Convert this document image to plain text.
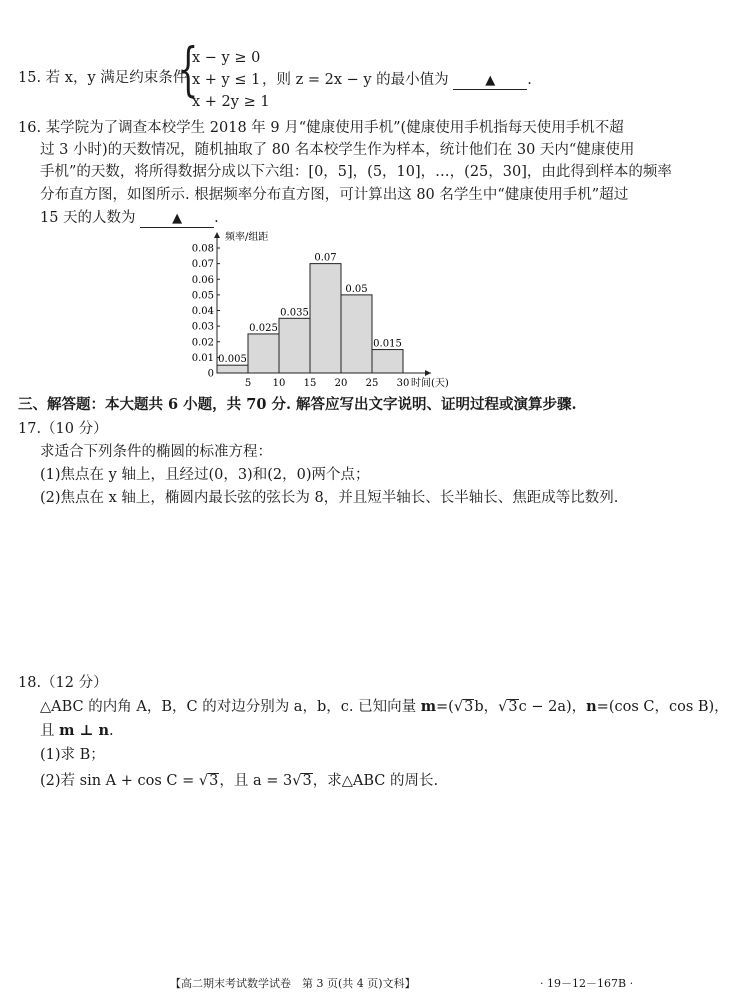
15. 若 x，y 满足约束条件
{
x − y ≥ 0
x + y ≤ 1
x + 2y ≥ 1
，则 z = 2x − y 的最小值为	▲ .
16. 某学院为了调查本校学生 2018 年 9 月“健康使用手机”(健康使用手机指每天使用手机不超
过 3 小时)的天数情况，随机抽取了 80 名本校学生作为样本，统计他们在 30 天内“健康使用
手机”的天数，将所得数据分成以下六组：[0，5]，(5，10]，…，(25，30]，由此得到样本的频率
分布直方图，如图所示. 根据频率分布直方图，可计算出这 80 名学生中“健康使用手机”超过
15 天的人数为	▲ .
0
0.01
0.02
0.03
0.04
0.05
0.06
0.07
0.08
0.005
0.025
0.035
0.07
0.05
0.015
5 10 15 20 25 30
频率/组距
时间(天)
三、解答题：本大题共 6 小题，共 70 分. 解答应写出文字说明、证明过程或演算步骤.
17.（10 分）
求适合下列条件的椭圆的标准方程：
(1)焦点在 y 轴上，且经过(0，3)和(2，0)两个点；
(2)焦点在 x 轴上，椭圆内最长弦的弦长为 8，并且短半轴长、长半轴长、焦距成等比数列.
18.（12 分）
△ABC 的内角 A，B，C 的对边分别为 a，b，c. 已知向量 m=(√3b，√3c − 2a)，n=(cos C，cos B)，
且 m ⊥ n.
(1)求 B；
(2)若 sin A + cos C = √3，且 a = 3√3，求△ABC 的周长.
【高二期末考试数学试卷　第 3 页(共 4 页)文科】	· 19－12－167B ·
